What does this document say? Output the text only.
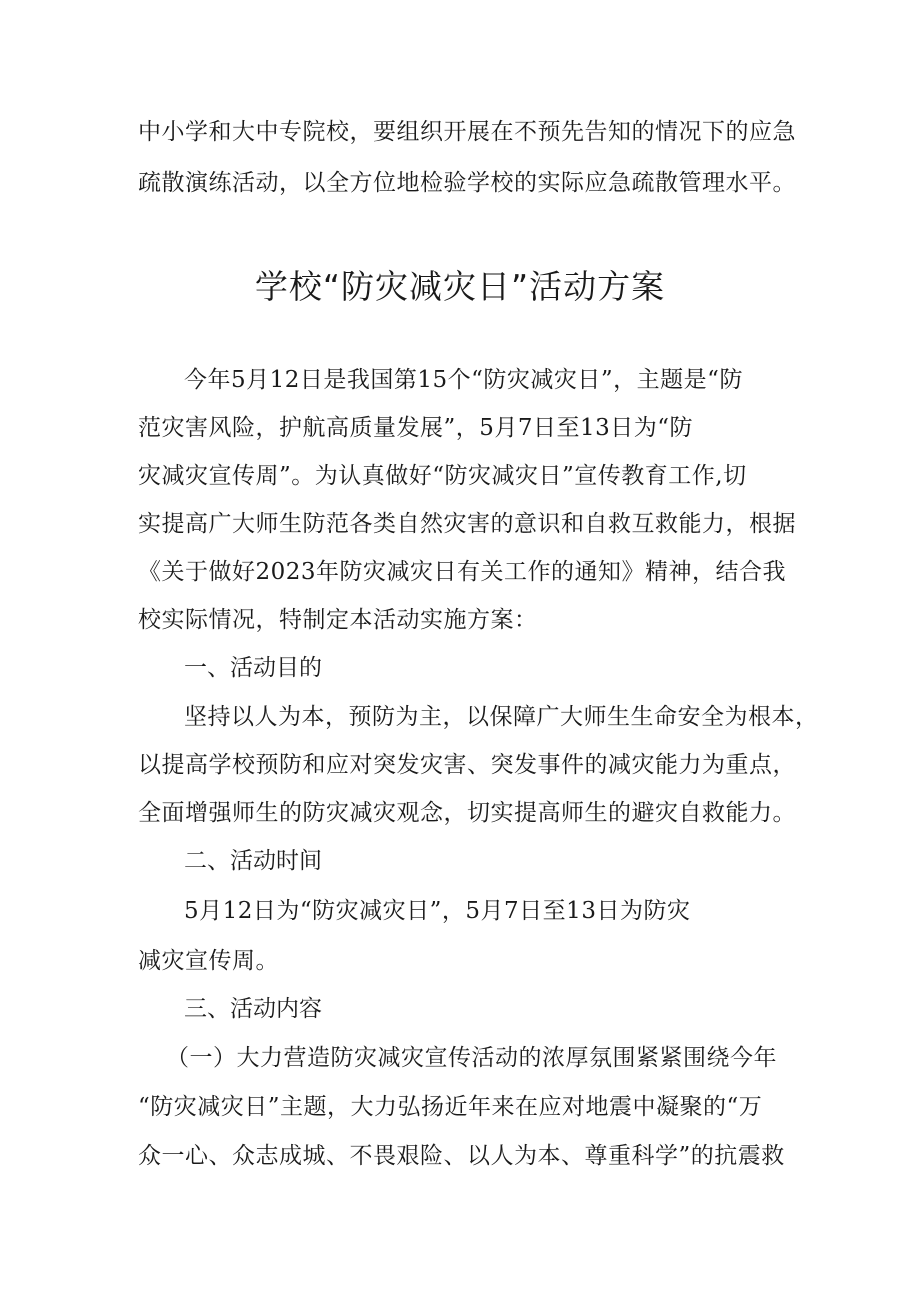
中小学和大中专院校，要组织开展在不预先告知的情况下的应急
疏散演练活动，以全方位地检验学校的实际应急疏散管理水平。
学校“防灾减灾日”活动方案
今年5月12日是我国第15个“防灾减灾日”，主题是“防
范灾害风险，护航高质量发展”，5月7日至13日为“防
灾减灾宣传周”。为认真做好“防灾减灾日”宣传教育工作,切
实提高广大师生防范各类自然灾害的意识和自救互救能力，根据
《关于做好2023年防灾减灾日有关工作的通知》精神，结合我
校实际情况，特制定本活动实施方案：
一、活动目的
坚持以人为本，预防为主，以保障广大师生生命安全为根本，
以提高学校预防和应对突发灾害、突发事件的减灾能力为重点，
全面增强师生的防灾减灾观念，切实提高师生的避灾自救能力。
二、活动时间
5月12日为“防灾减灾日”，5月7日至13日为防灾
减灾宣传周。
三、活动内容
（一）大力营造防灾减灾宣传活动的浓厚氛围紧紧围绕今年
“防灾减灾日”主题，大力弘扬近年来在应对地震中凝聚的“万
众一心、众志成城、不畏艰险、以人为本、尊重科学”的抗震救
